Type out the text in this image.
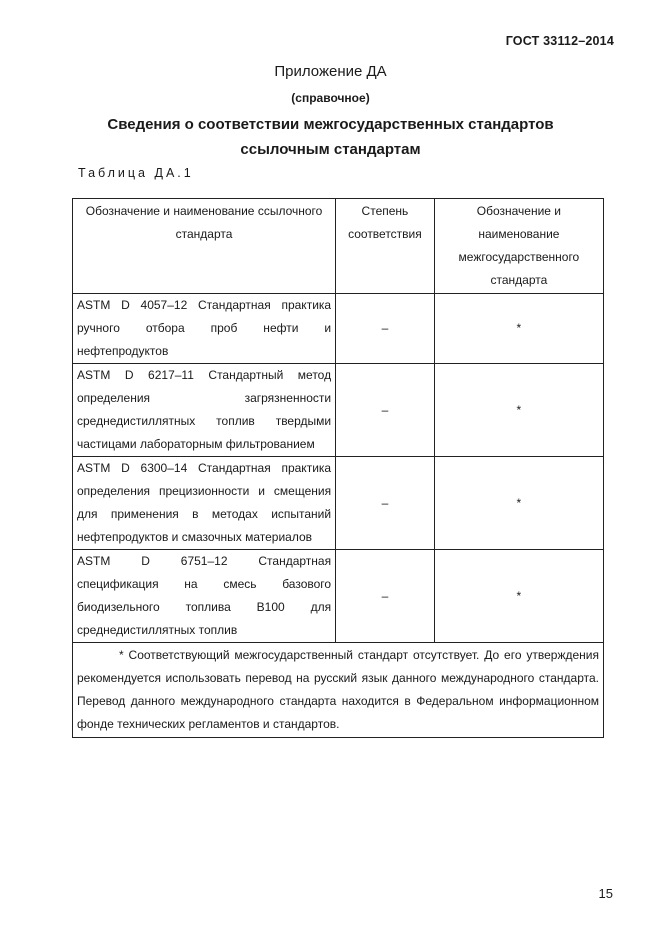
ГОСТ 33112–2014
Приложение ДА
(справочное)
Сведения о соответствии межгосударственных стандартов
ссылочным стандартам
Таблица ДА.1
Обозначение и наименование ссылочного стандарта	Степень соответствия	Обозначение и наименование межгосударственного стандарта
ASTM D 4057–12 Стандартная практика ручного отбора проб нефти и нефтепродуктов	–	*
ASTM D 6217–11 Стандартный метод определения загрязненности среднедистиллятных топлив твердыми частицами лабораторным фильтрованием	–	*
ASTM D 6300–14 Стандартная практика определения прецизионности и смещения для применения в методах испытаний нефтепродуктов и смазочных материалов	–	*
ASTM D 6751–12 Стандартная спецификация на смесь базового биодизельного топлива B100 для среднедистиллятных топлив	–	*
* Соответствующий межгосударственный стандарт отсутствует. До его утверждения рекомендуется использовать перевод на русский язык данного международного стандарта. Перевод данного международного стандарта находится в Федеральном информационном фонде технических регламентов и стандартов.		
15
